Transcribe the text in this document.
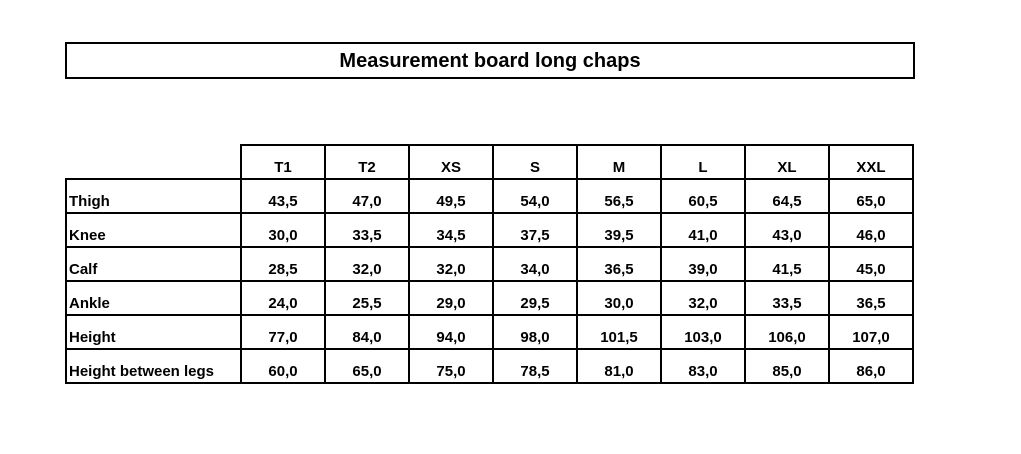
Measurement board long chaps
	T1	T2	XS	S	M	L	XL	XXL
Thigh	43,5	47,0	49,5	54,0	56,5	60,5	64,5	65,0
Knee	30,0	33,5	34,5	37,5	39,5	41,0	43,0	46,0
Calf	28,5	32,0	32,0	34,0	36,5	39,0	41,5	45,0
Ankle	24,0	25,5	29,0	29,5	30,0	32,0	33,5	36,5
Height	77,0	84,0	94,0	98,0	101,5	103,0	106,0	107,0
Height between legs	60,0	65,0	75,0	78,5	81,0	83,0	85,0	86,0
